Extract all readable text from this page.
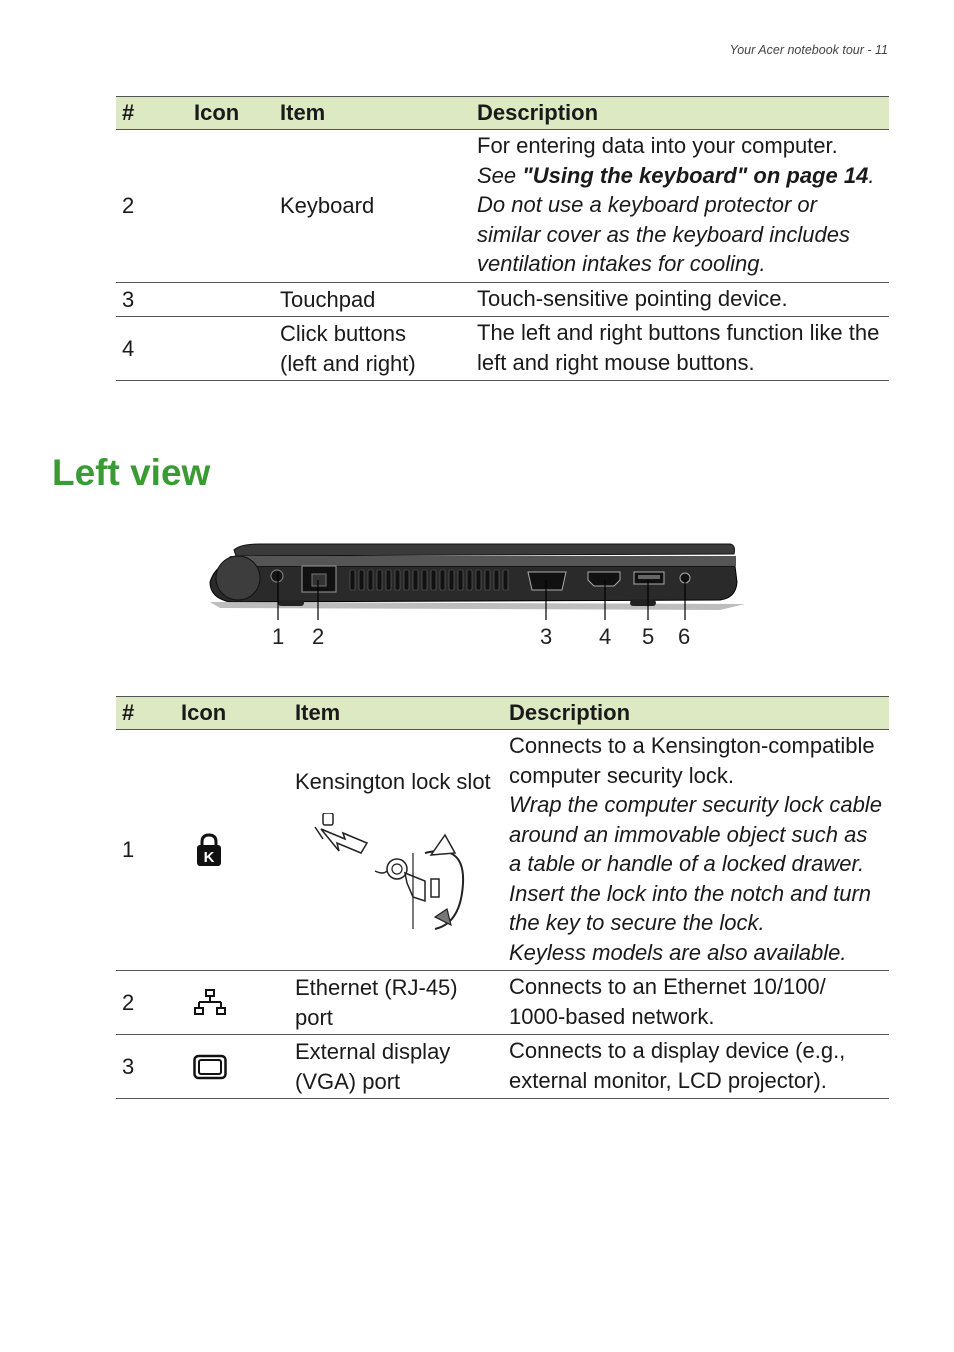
Your Acer notebook tour - 11
#	Icon	Item	Description
2		Keyboard	For entering data into your computer.
See "Using the keyboard" on page 14.
Do not use a keyboard protector or similar cover as the keyboard includes ventilation intakes for cooling.

3		Touchpad	Touch-sensitive pointing device.
4		Click buttons
(left and right)	The left and right buttons function like the left and right mouse buttons.
Left view
1 2	3 4 5 6
#	Icon	Item	Description
1	K	Kensington lock slot	Connects to a Kensington-compatible computer security lock.
Wrap the computer security lock cable around an immovable object such as a table or handle of a locked drawer.
Insert the lock into the notch and turn the key to secure the lock.
Keyless models are also available.

2		Ethernet (RJ-45) port	Connects to an Ethernet 10/100/ 1000-based network.
3		External display (VGA) port	Connects to a display device (e.g., external monitor, LCD projector).
